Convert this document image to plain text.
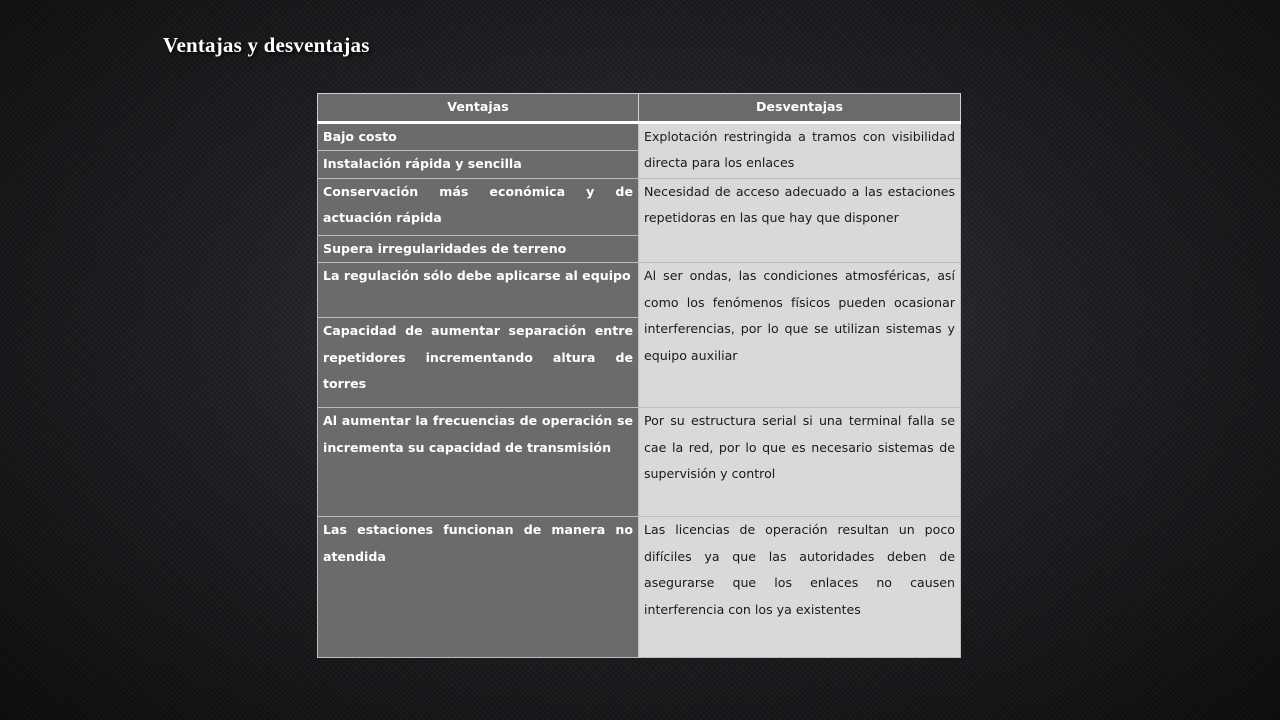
Ventajas y desventajas
Ventajas	Desventajas
Bajo costo	Explotación restringida a tramos con visibilidad directa para los enlaces
Instalación rápida y sencilla	
Conservación más económica y de actuación rápida	Necesidad de acceso adecuado a las estaciones repetidoras en las que hay que disponer
Supera irregularidades de terreno	
La regulación sólo debe aplicarse al equipo	Al ser ondas, las condiciones atmosféricas, así como los fenómenos físicos pueden ocasionar interferencias, por lo que se utilizan sistemas y equipo auxiliar
Capacidad de aumentar separación entre repetidores incrementando altura de torres	
Al aumentar la frecuencias de operación se incrementa su capacidad de transmisión	Por su estructura serial si una terminal falla se cae la red, por lo que es necesario sistemas de supervisión y control
Las estaciones funcionan de manera no atendida	Las licencias de operación resultan un poco difíciles ya que las autoridades deben de asegurarse que los enlaces no causen interferencia con los ya existentes
